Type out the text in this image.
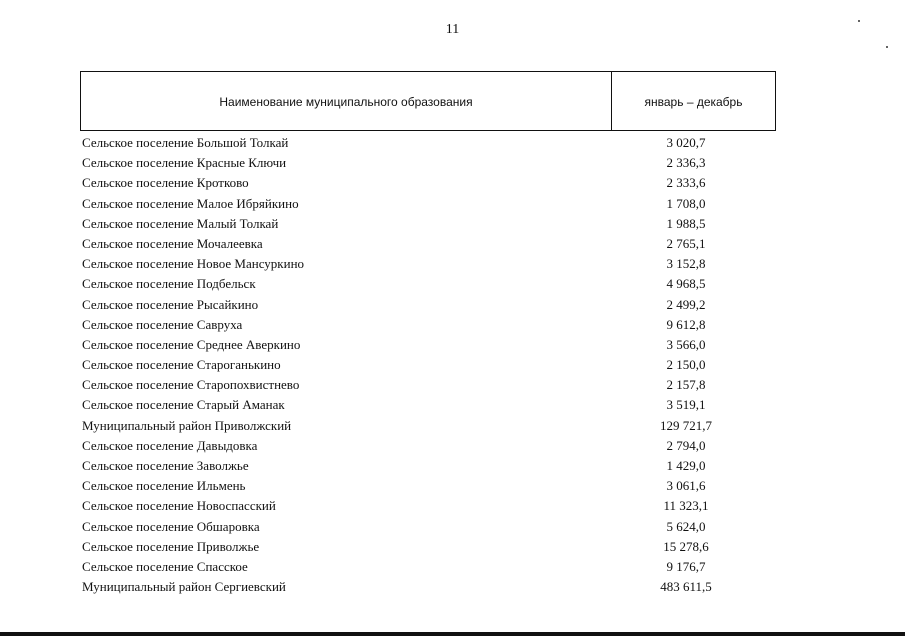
11
Наименование муниципального образования	январь – декабрь
Сельское поселение Большой Толкай	3 020,7
Сельское поселение Красные Ключи	2 336,3
Сельское поселение Кротково	2 333,6
Сельское поселение Малое Ибряйкино	1 708,0
Сельское поселение Малый Толкай	1 988,5
Сельское поселение Мочалеевка	2 765,1
Сельское поселение Новое Мансуркино	3 152,8
Сельское поселение Подбельск	4 968,5
Сельское поселение Рысайкино	2 499,2
Сельское поселение Савруха	9 612,8
Сельское поселение Среднее Аверкино	3 566,0
Сельское поселение Староганькино	2 150,0
Сельское поселение Старопохвистнево	2 157,8
Сельское поселение Старый Аманак	3 519,1
Муниципальный район Приволжский	129 721,7
Сельское поселение Давыдовка	2 794,0
Сельское поселение Заволжье	1 429,0
Сельское поселение Ильмень	3 061,6
Сельское поселение Новоспасский	11 323,1
Сельское поселение Обшаровка	5 624,0
Сельское поселение Приволжье	15 278,6
Сельское поселение Спасское	9 176,7
Муниципальный район Сергиевский	483 611,5
